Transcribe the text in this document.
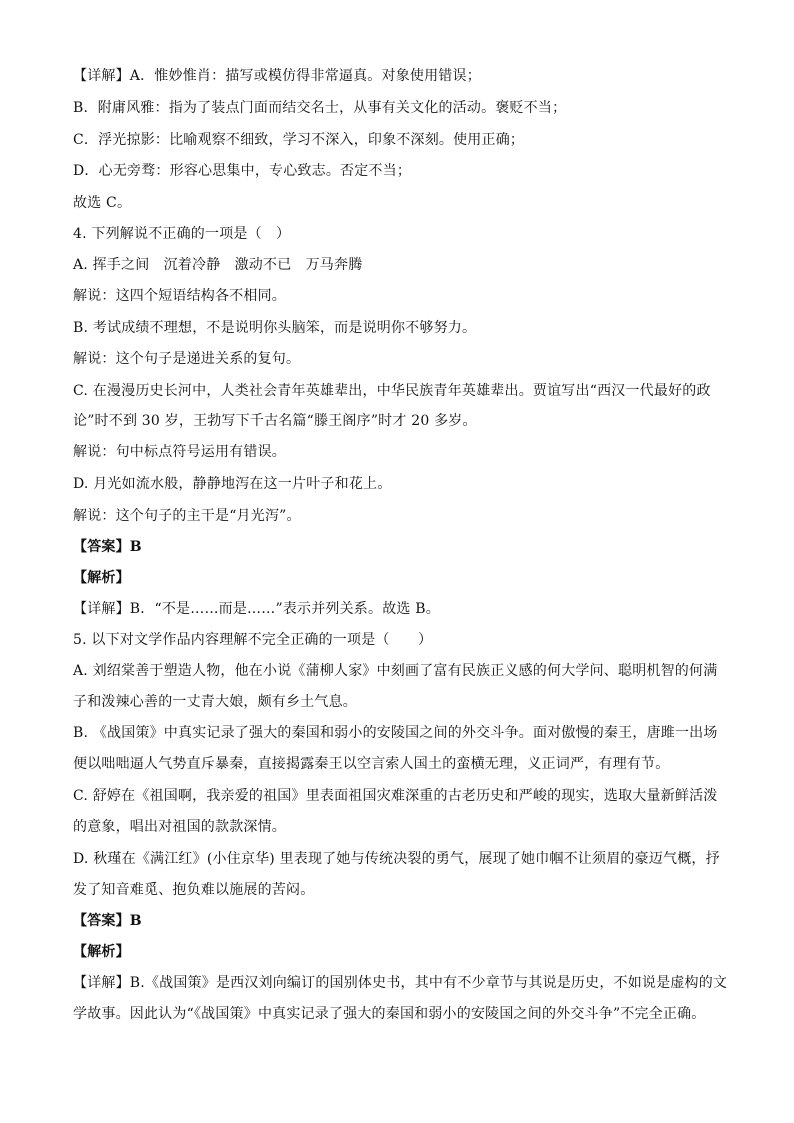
【详解】A．惟妙惟肖：描写或模仿得非常逼真。对象使用错误；
B．附庸风雅：指为了装点门面而结交名士，从事有关文化的活动。褒贬不当；
C．浮光掠影：比喻观察不细致，学习不深入，印象不深刻。使用正确；
D．心无旁骛：形容心思集中，专心致志。否定不当；
故选 C。
4. 下列解说不正确的一项是（　）
A. 挥手之间　沉着冷静　激动不已　万马奔腾
解说：这四个短语结构各不相同。
B. 考试成绩不理想，不是说明你头脑笨，而是说明你不够努力。
解说：这个句子是递进关系的复句。
C. 在漫漫历史长河中，人类社会青年英雄辈出，中华民族青年英雄辈出。贾谊写出“西汉一代最好的政
论”时不到 30 岁，王勃写下千古名篇“滕王阁序”时才 20 多岁。
解说：句中标点符号运用有错误。
D. 月光如流水般，静静地泻在这一片叶子和花上。
解说：这个句子的主干是“月光泻”。
【答案】B
【解析】
【详解】B．“不是……而是……”表示并列关系。故选 B。
5. 以下对文学作品内容理解不完全正确的一项是（　　）
A. 刘绍棠善于塑造人物，他在小说《蒲柳人家》中刻画了富有民族正义感的何大学问、聪明机智的何满
子和泼辣心善的一丈青大娘，颇有乡土气息。
B. 《战国策》中真实记录了强大的秦国和弱小的安陵国之间的外交斗争。面对傲慢的秦王，唐雎一出场
便以咄咄逼人气势直斥暴秦，直接揭露秦王以空言索人国土的蛮横无理，义正词严，有理有节。
C. 舒婷在《祖国啊，我亲爱的祖国》里表面祖国灾难深重的古老历史和严峻的现实，选取大量新鲜活泼
的意象，唱出对祖国的款款深情。
D. 秋瑾在《满江红》(小住京华) 里表现了她与传统决裂的勇气，展现了她巾帼不让须眉的豪迈气概，抒
发了知音难觅、抱负难以施展的苦闷。
【答案】B
【解析】
【详解】B.《战国策》是西汉刘向编订的国别体史书，其中有不少章节与其说是历史，不如说是虚构的文
学故事。因此认为“《战国策》中真实记录了强大的秦国和弱小的安陵国之间的外交斗争”不完全正确。
